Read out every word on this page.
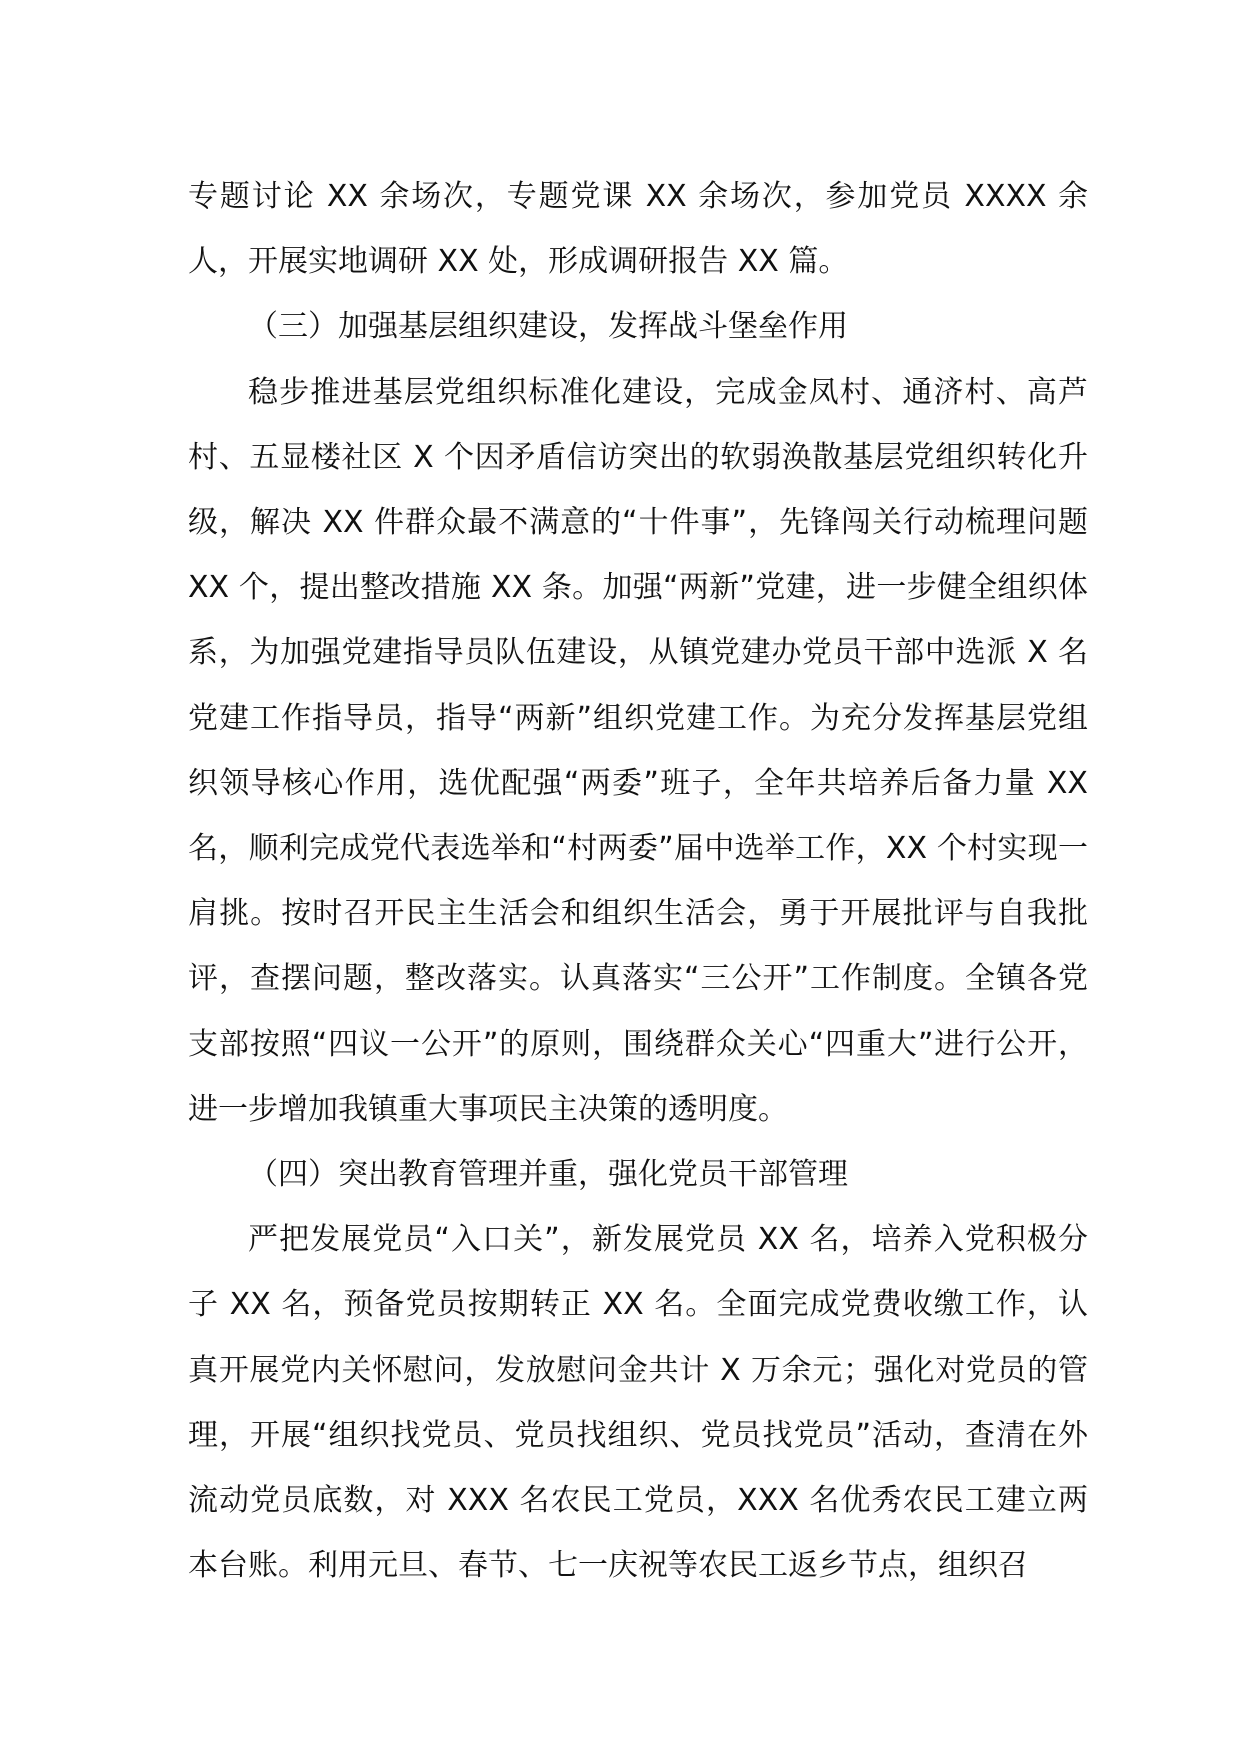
专题讨论 XX 余场次，专题党课 XX 余场次，参加党员 XXXX 余人，开展实地调研 XX 处，形成调研报告 XX 篇。

（三）加强基层组织建设，发挥战斗堡垒作用

稳步推进基层党组织标准化建设，完成金凤村、通济村、高芦村、五显楼社区 X 个因矛盾信访突出的软弱涣散基层党组织转化升级，解决 XX 件群众最不满意的“十件事”，先锋闯关行动梳理问题 XX 个，提出整改措施 XX 条。加强“两新”党建，进一步健全组织体系，为加强党建指导员队伍建设，从镇党建办党员干部中选派 X 名党建工作指导员，指导“两新”组织党建工作。为充分发挥基层党组织领导核心作用，选优配强“两委”班子，全年共培养后备力量 XX 名，顺利完成党代表选举和“村两委”届中选举工作，XX 个村实现一肩挑。按时召开民主生活会和组织生活会，勇于开展批评与自我批评，查摆问题，整改落实。认真落实“三公开”工作制度。全镇各党支部按照“四议一公开”的原则，围绕群众关心“四重大”进行公开，进一步增加我镇重大事项民主决策的透明度。

（四）突出教育管理并重，强化党员干部管理

严把发展党员“入口关”，新发展党员 XX 名，培养入党积极分子 XX 名，预备党员按期转正 XX 名。全面完成党费收缴工作，认真开展党内关怀慰问，发放慰问金共计 X 万余元；强化对党员的管理，开展“组织找党员、党员找组织、党员找党员”活动，查清在外流动党员底数，对 XXX 名农民工党员，XXX 名优秀农民工建立两本台账。利用元旦、春节、七一庆祝等农民工返乡节点，组织召
